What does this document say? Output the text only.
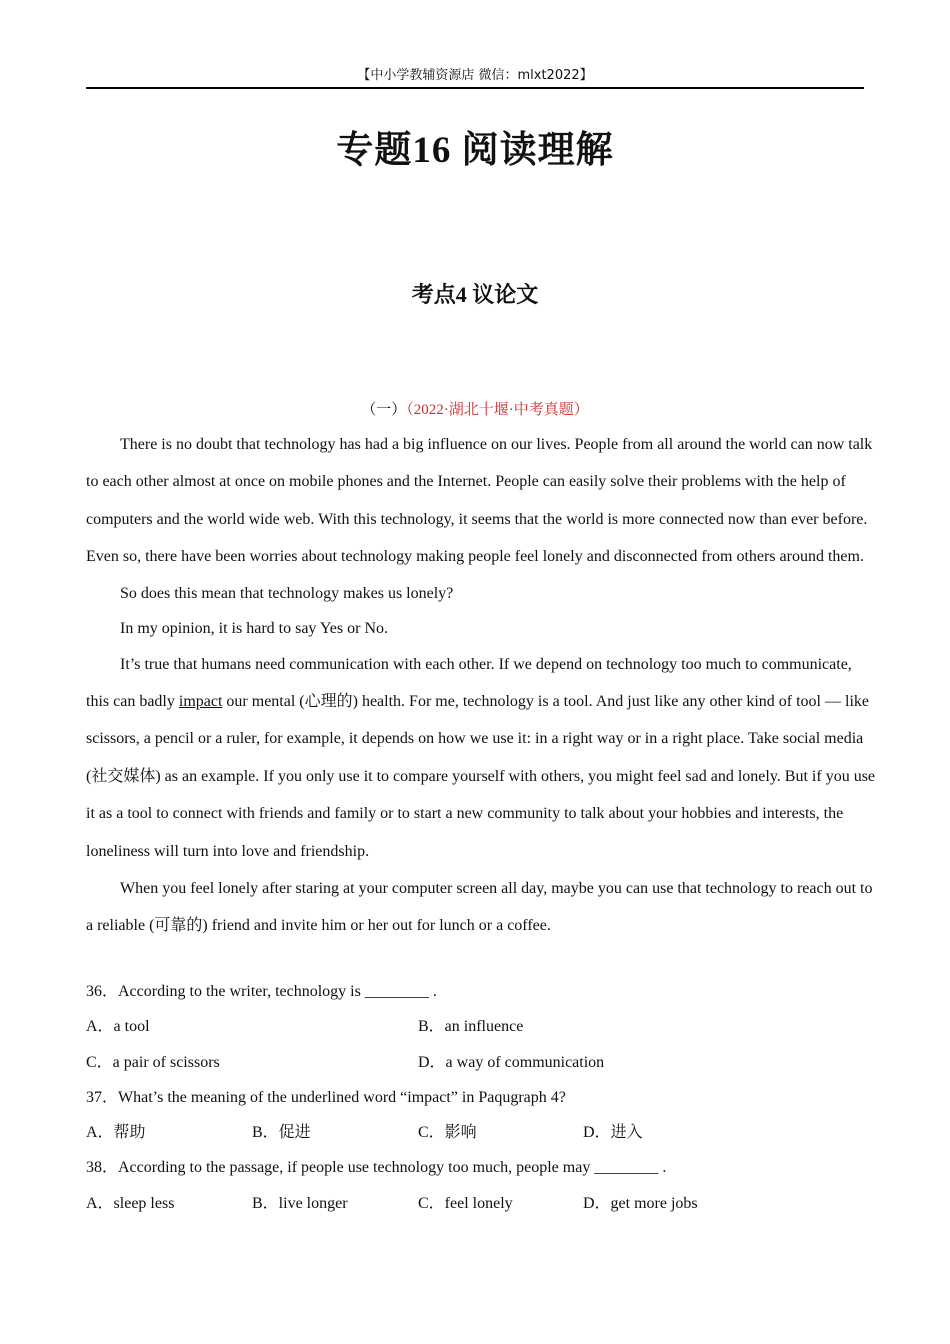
【中小学教辅资源店 微信：mlxt2022】
专题16 阅读理解
考点4 议论文
（一）（2022·湖北十堰·中考真题）

There is no doubt that technology has had a big influence on our lives. People from all around the world can now talk to each other almost at once on mobile phones and the Internet. People can easily solve their problems with the help of computers and the world wide web. With this technology, it seems that the world is more connected now than ever before. Even so, there have been worries about technology making people feel lonely and disconnected from others around them.

So does this mean that technology makes us lonely?

In my opinion, it is hard to say Yes or No.

It’s true that humans need communication with each other. If we depend on technology too much to communicate, this can badly impact our mental (心理的) health. For me, technology is a tool. And just like any other kind of tool — like scissors, a pencil or a ruler, for example, it depends on how we use it: in a right way or in a right place. Take social media (社交媒体) as an example. If you only use it to compare yourself with others, you might feel sad and lonely. But if you use it as a tool to connect with friends and family or to start a new community to talk about your hobbies and interests, the loneliness will turn into love and friendship.

When you feel lonely after staring at your computer screen all day, maybe you can use that technology to reach out to a reliable (可靠的) friend and invite him or her out for lunch or a coffee.

36．According to the writer, technology is ________ .
A．a tool	B．an influence
C．a pair of scissors	D．a way of communication
37．What’s the meaning of the underlined word “impact” in Paqugraph 4?
A．帮助	B．促进	C．影响	D．进入
38．According to the passage, if people use technology too much, people may ________ .
A．sleep less	B．live longer	C．feel lonely	D．get more jobs
